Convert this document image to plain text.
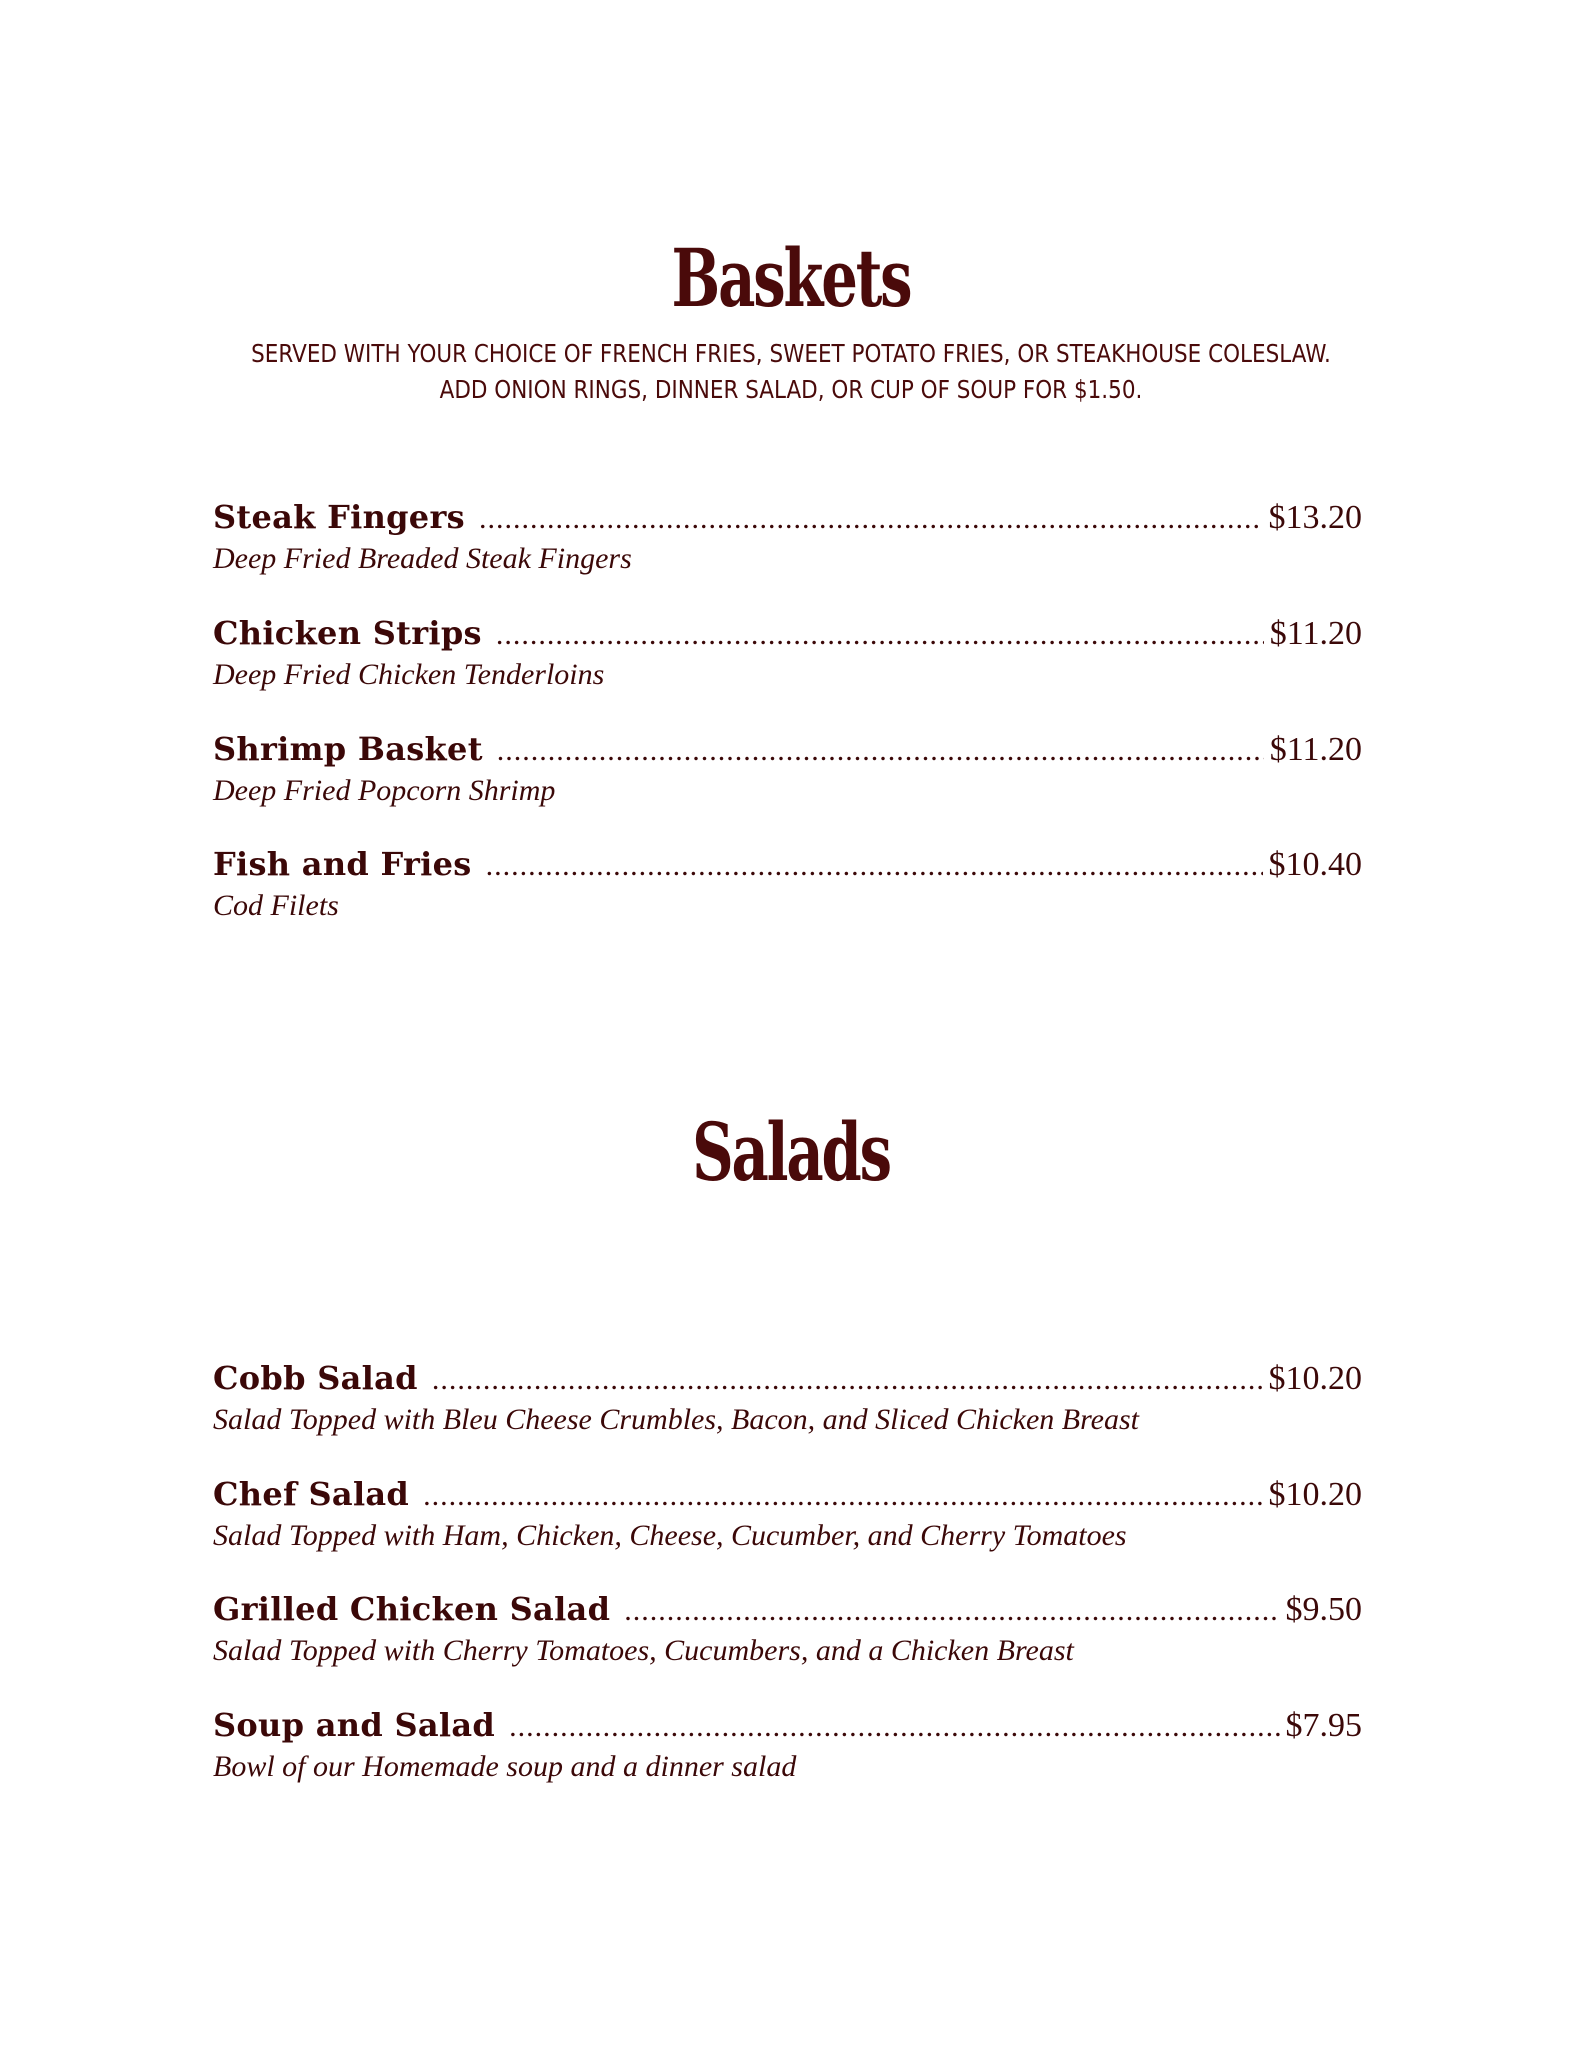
Baskets
SERVED WITH YOUR CHOICE OF FRENCH FRIES, SWEET POTATO FRIES, OR STEAKHOUSE COLESLAW.
ADD ONION RINGS, DINNER SALAD, OR CUP OF SOUP FOR $1.50.
Steak Fingers .....	$13.20
Deep Fried Breaded Steak Fingers
Chicken Strips .....	$11.20
Deep Fried Chicken Tenderloins
Shrimp Basket .....	$11.20
Deep Fried Popcorn Shrimp
Fish and Fries .....	$10.40
Cod Filets
Salads
Cobb Salad .....	$10.20
Salad Topped with Bleu Cheese Crumbles, Bacon, and Sliced Chicken Breast
Chef Salad .....	$10.20
Salad Topped with Ham, Chicken, Cheese, Cucumber, and Cherry Tomatoes
Grilled Chicken Salad .....	$9.50
Salad Topped with Cherry Tomatoes, Cucumbers, and a Chicken Breast
Soup and Salad .....	$7.95
Bowl of our Homemade soup and a dinner salad
